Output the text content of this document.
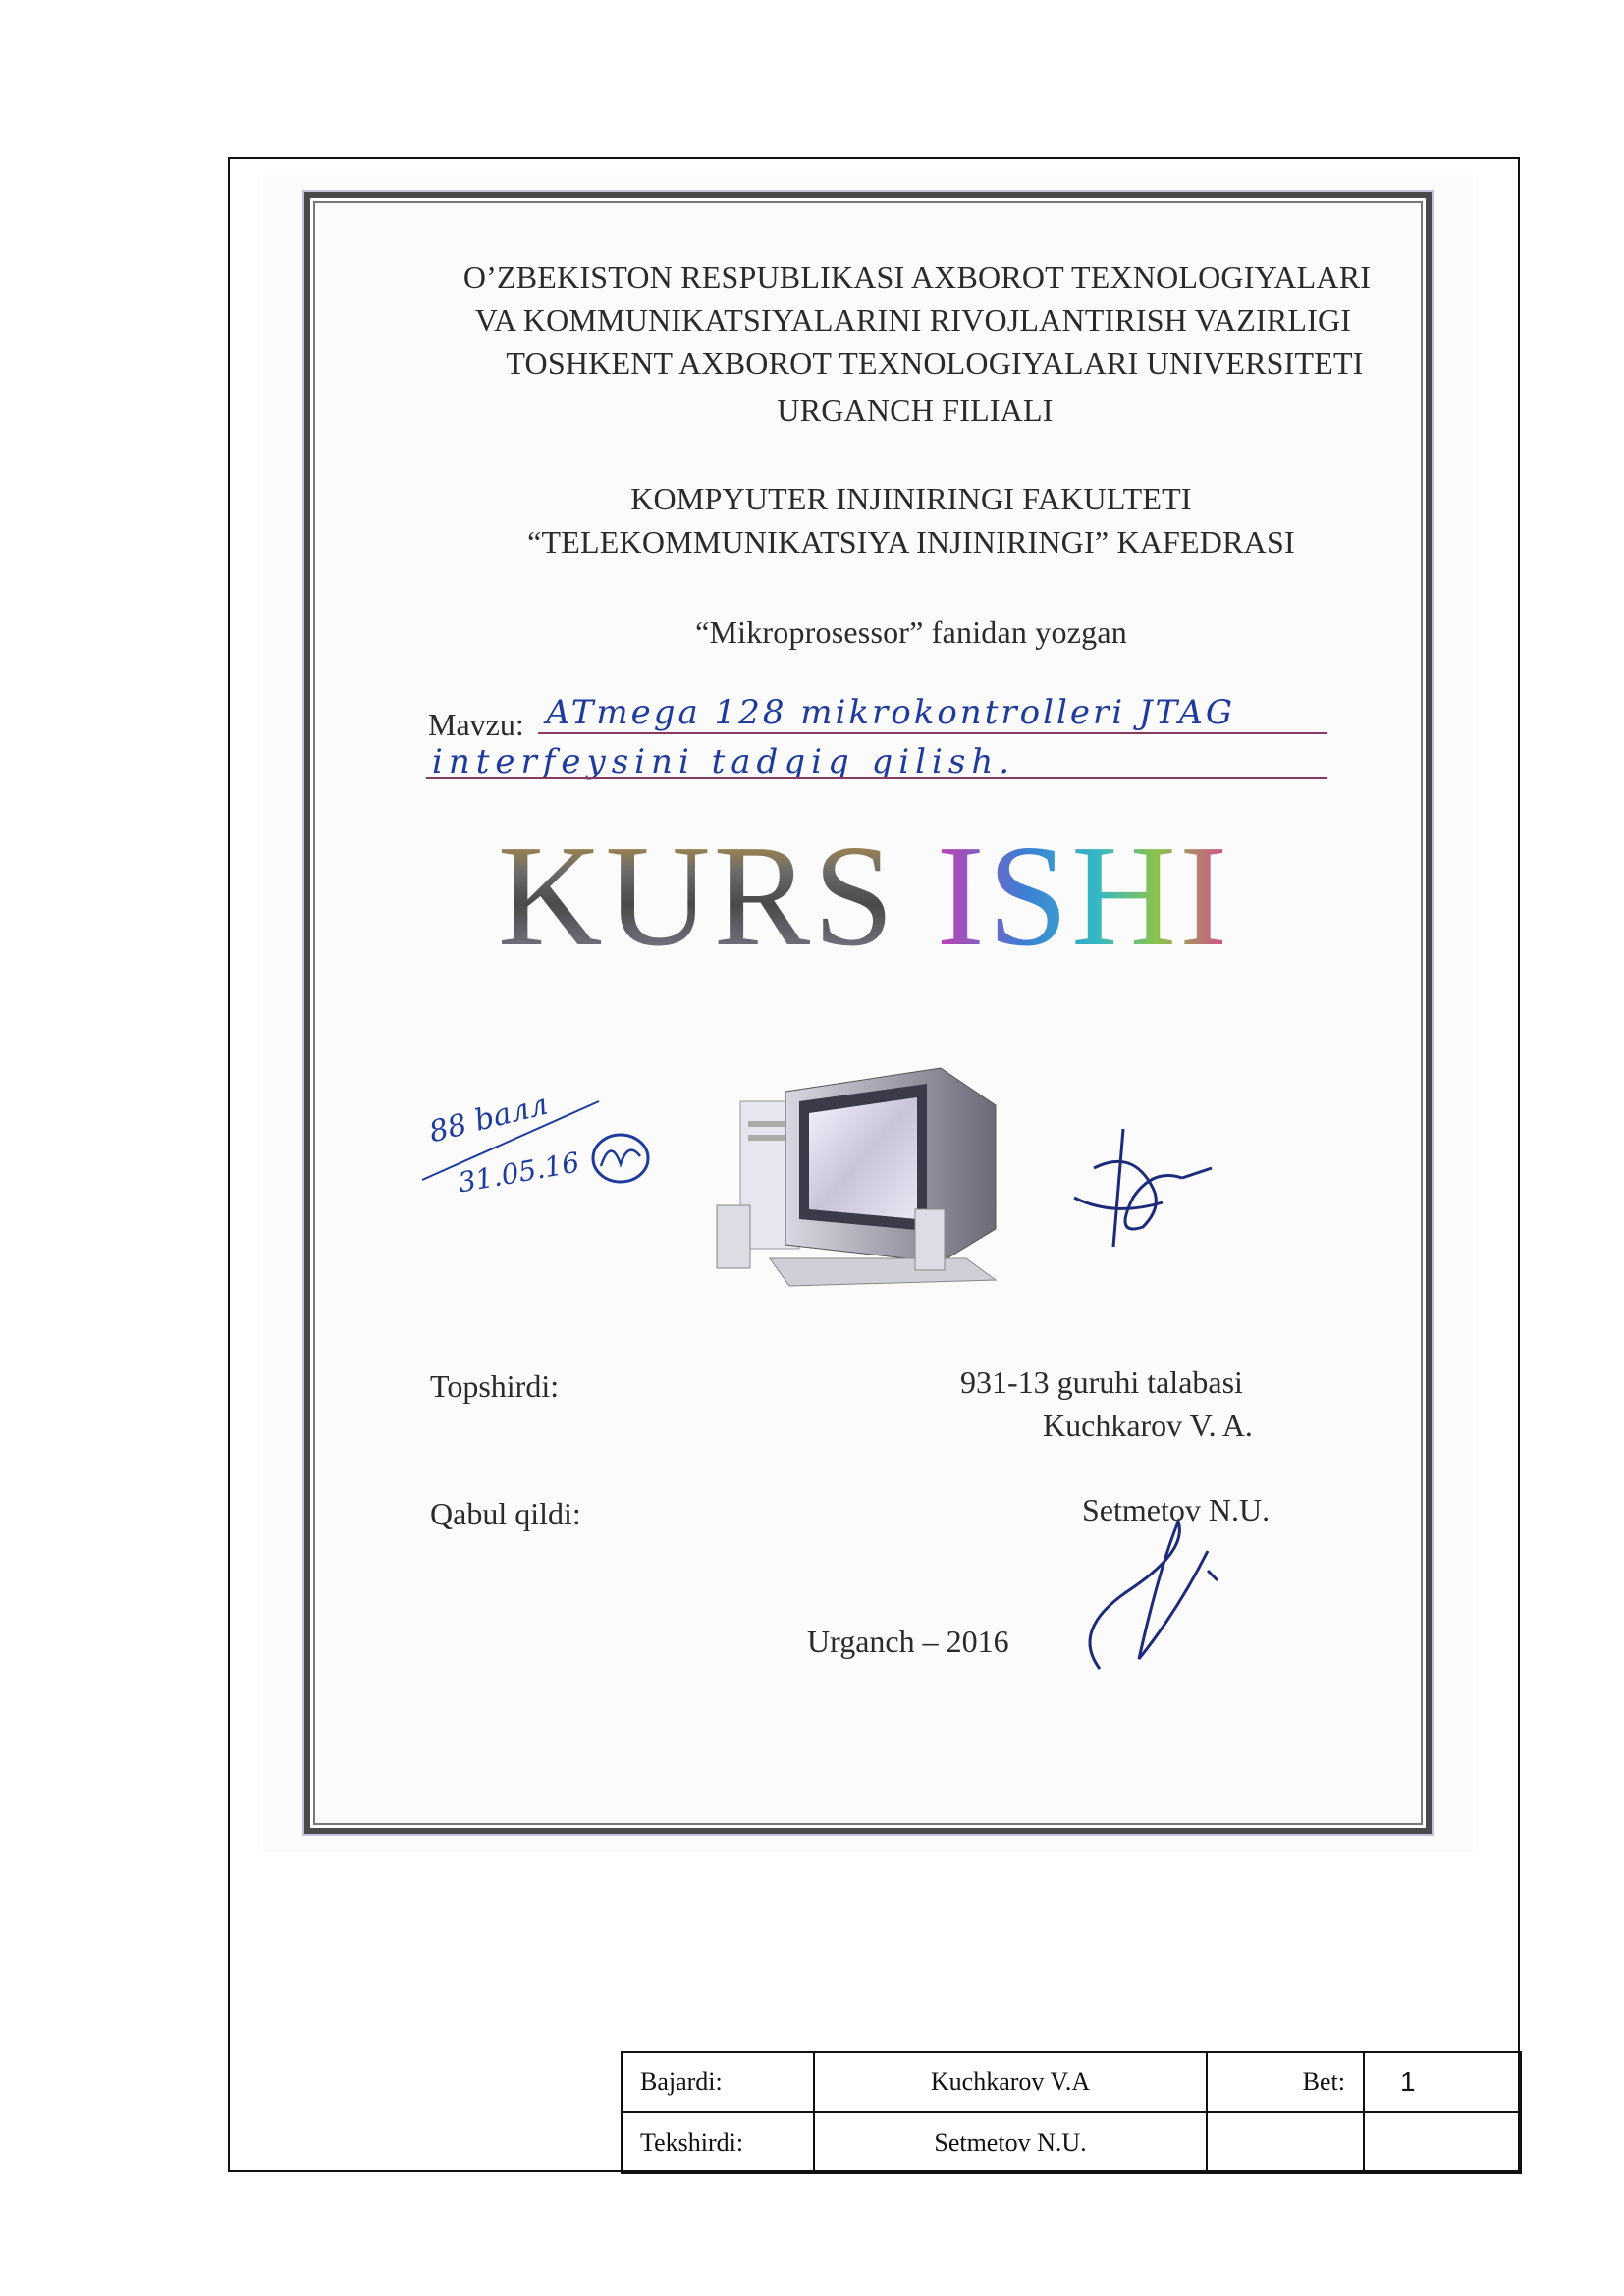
O’ZBEKISTON RESPUBLIKASI AXBOROT TEXNOLOGIYALARI
VA KOMMUNIKATSIYALARINI RIVOJLANTIRISH VAZIRLIGI
TOSHKENT AXBOROT TEXNOLOGIYALARI UNIVERSITETI
URGANCH FILIALI
KOMPYUTER INJINIRINGI FAKULTETI
“TELEKOMMUNIKATSIYA INJINIRINGI” KAFEDRASI
“Mikroprosessor” fanidan yozgan
Mavzu: ATmega 128 mikrokontrolleri JTAG
interfeysini tadqiq qilish.
KURS ISHI
88 baлл
31.05.16
Topshirdi:	931-13 guruhi talabasi
Kuchkarov V. A.
Qabul qildi:	Setmetov N.U.
Urganch – 2016
Bajardi:	Kuchkarov V.A	Bet:	1
Tekshirdi:	Setmetov N.U.		
